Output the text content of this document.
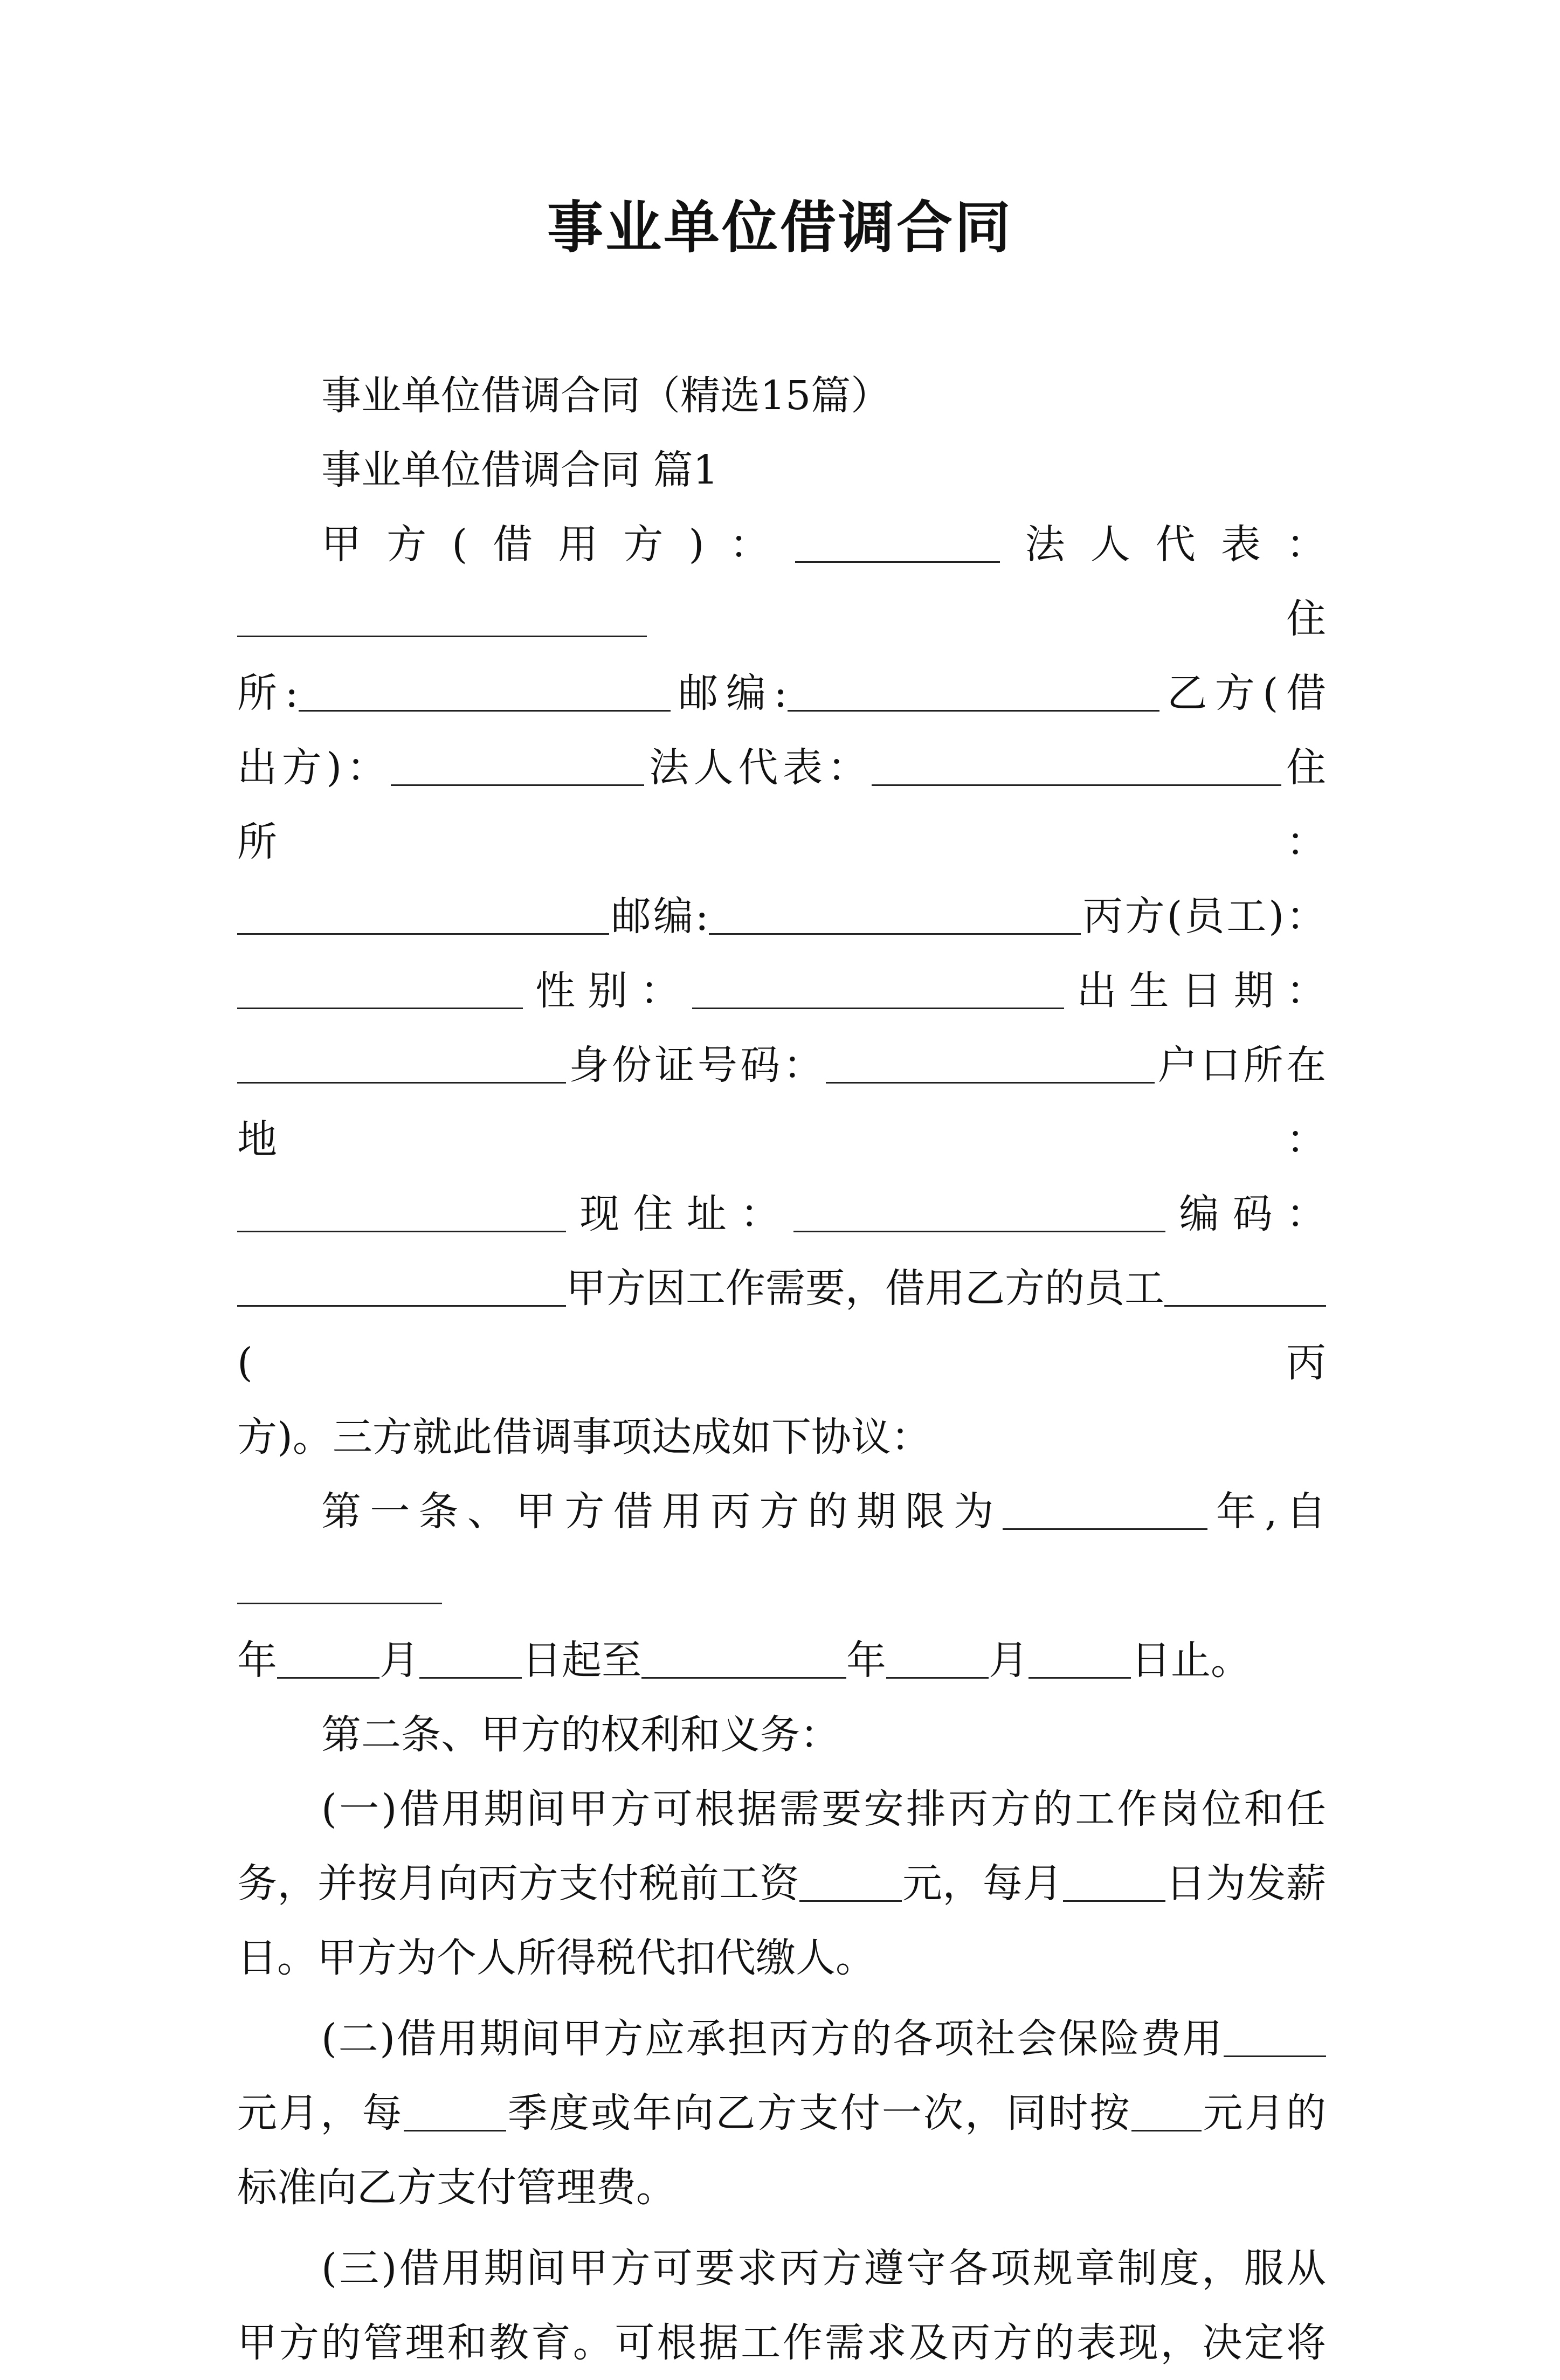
事业单位借调合同

事业单位借调合同（精选15篇）

事业单位借调合同 篇1

甲方(借用方)：	法人代表：住

所:	邮编:	乙方(借

出方)：	法人代表：	住所：

邮编:	丙方(员工)：

性别：	出生日期：

身份证号码：	户口所在地：

现住址：	编码：

甲方因工作需要，借用乙方的员工(丙

方)。三方就此借调事项达成如下协议：

第一条、甲方借用丙方的期限为	年,自

年	月	日起至	年	月	日止。

第二条、甲方的权利和义务：

(一)借用期间甲方可根据需要安排丙方的工作岗位和任

务，并按月向丙方支付税前工资	元，每月	日为发薪

日。甲方为个人所得税代扣代缴人。

(二)借用期间甲方应承担丙方的各项社会保险费用

元月，每	季度或年向乙方支付一次，同时按 元月的

标准向乙方支付管理费。

(三)借用期间甲方可要求丙方遵守各项规章制度，服从

甲方的管理和教育。可根据工作需求及丙方的表现，决定将
